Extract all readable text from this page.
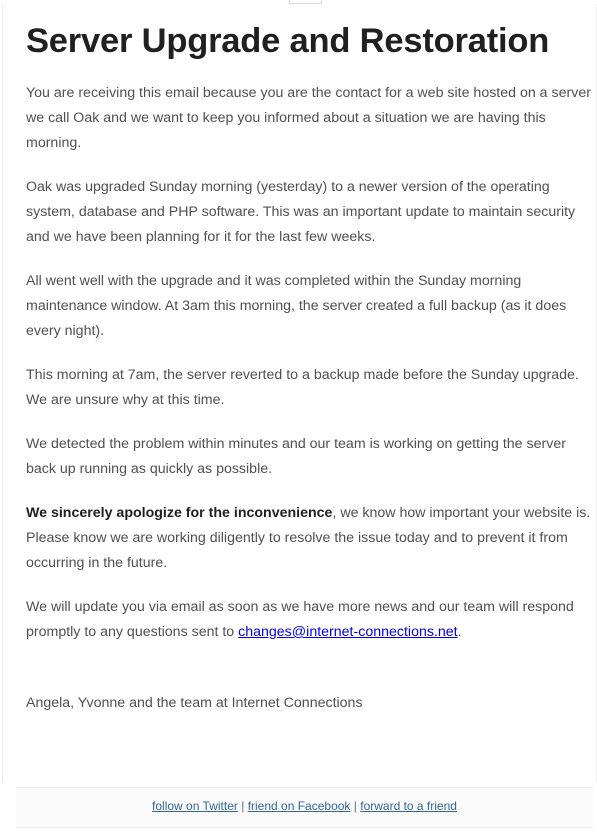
Server Upgrade and Restoration

You are receiving this email because you are the contact for a web site hosted on a server we call Oak and we want to keep you informed about a situation we are having this morning.

Oak was upgraded Sunday morning (yesterday) to a newer version of the operating system, database and PHP software. This was an important update to maintain security and we have been planning for it for the last few weeks.

All went well with the upgrade and it was completed within the Sunday morning maintenance window. At 3am this morning, the server created a full backup (as it does every night).

This morning at 7am, the server reverted to a backup made before the Sunday upgrade. We are unsure why at this time.

We detected the problem within minutes and our team is working on getting the server back up running as quickly as possible.

We sincerely apologize for the inconvenience, we know how important your website is. Please know we are working diligently to resolve the issue today and to prevent it from occurring in the future.

We will update you via email as soon as we have more news and our team will respond promptly to any questions sent to changes@internet-connections.net.

Angela, Yvonne and the team at Internet Connections

follow on Twitter | friend on Facebook | forward to a friend
